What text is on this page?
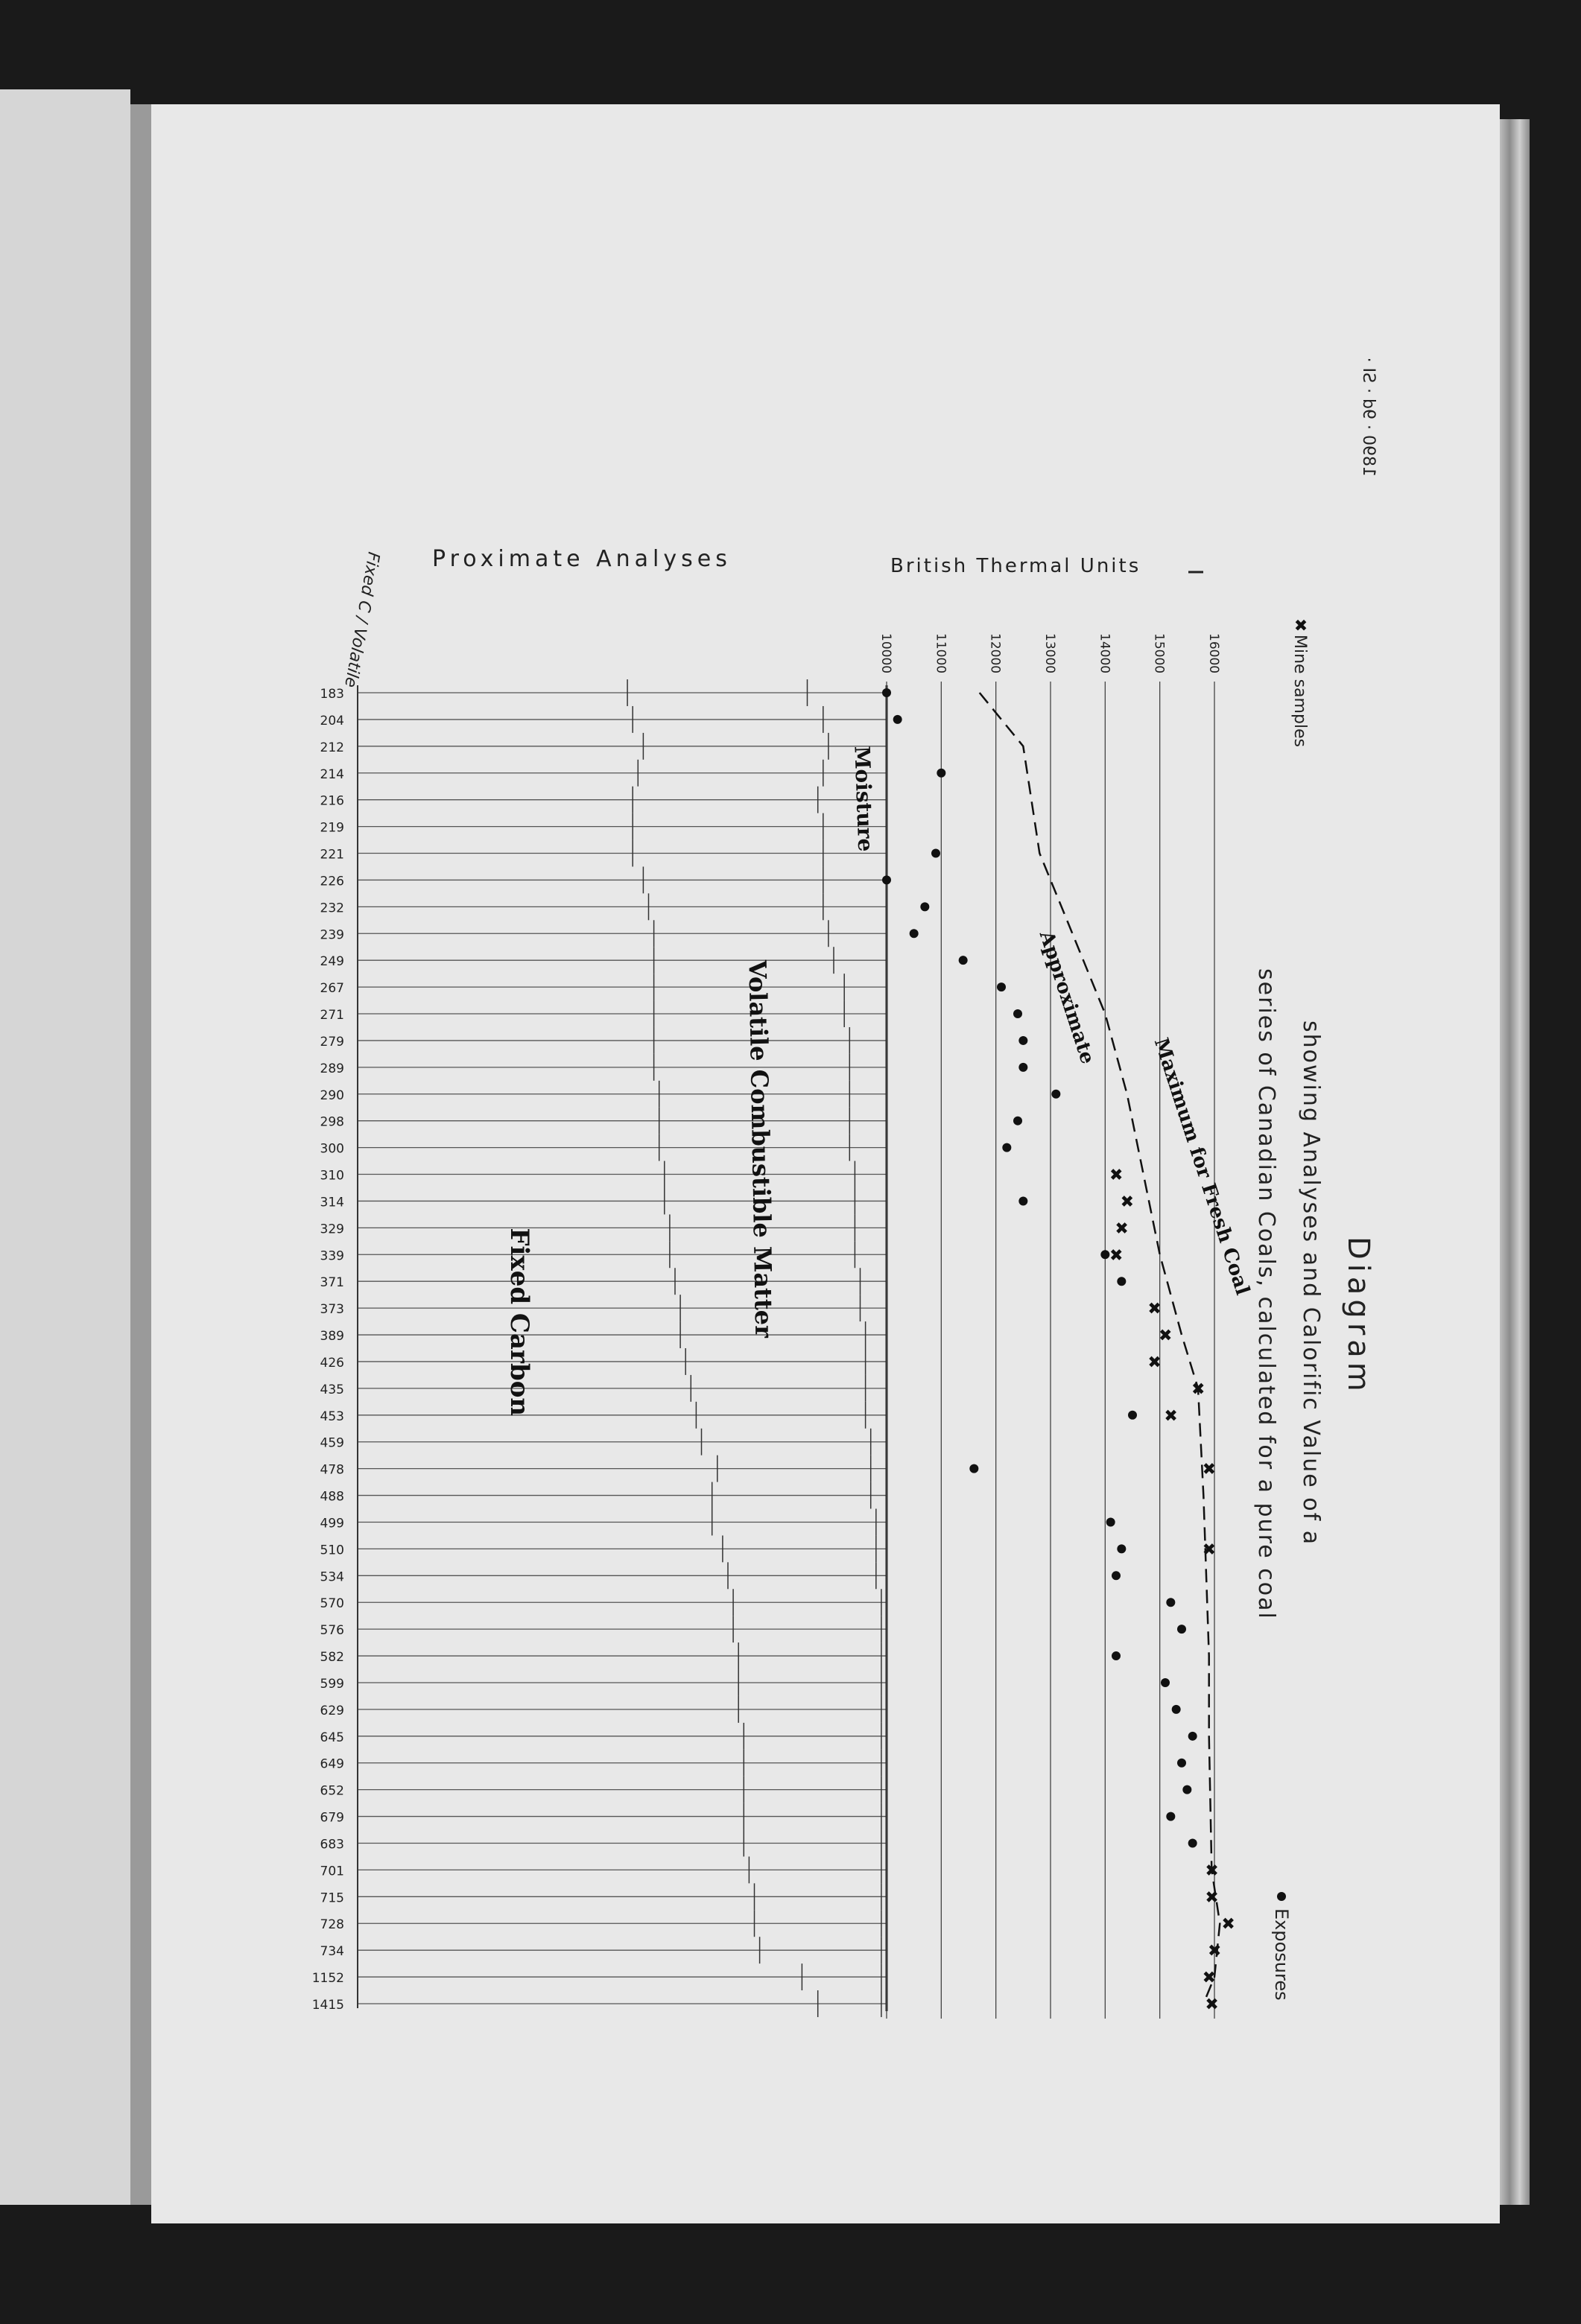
1890 · 9d · SI ·
Diagram
showing Analyses and Calorific Value of a
series of Canadian Coals, calculated for a pure coal
Proximate Analyses	British Thermal Units
Fixed C / Volatile
Mine samples
✖
Exposures
183
204
212
214
216
219
221
226
232
239
249
267
271
279
289
290
298
300
310
314
329
339
371
373
389
426
435
453
459
478
488
499
510
534
570
576
582
599
629
645
649
652
679
683
701
715
728
734
1152
1415
10000	11000	12000	13000	14000	15000	16000
Approximate
Maximum for Fresh Coal
✖
✖
✖
✖
✖
✖
✖
✖
✖
✖
✖
✖
✖
✖
✖
✖
✖
Moisture
Volatile Combustible Matter
Fixed Carbon
